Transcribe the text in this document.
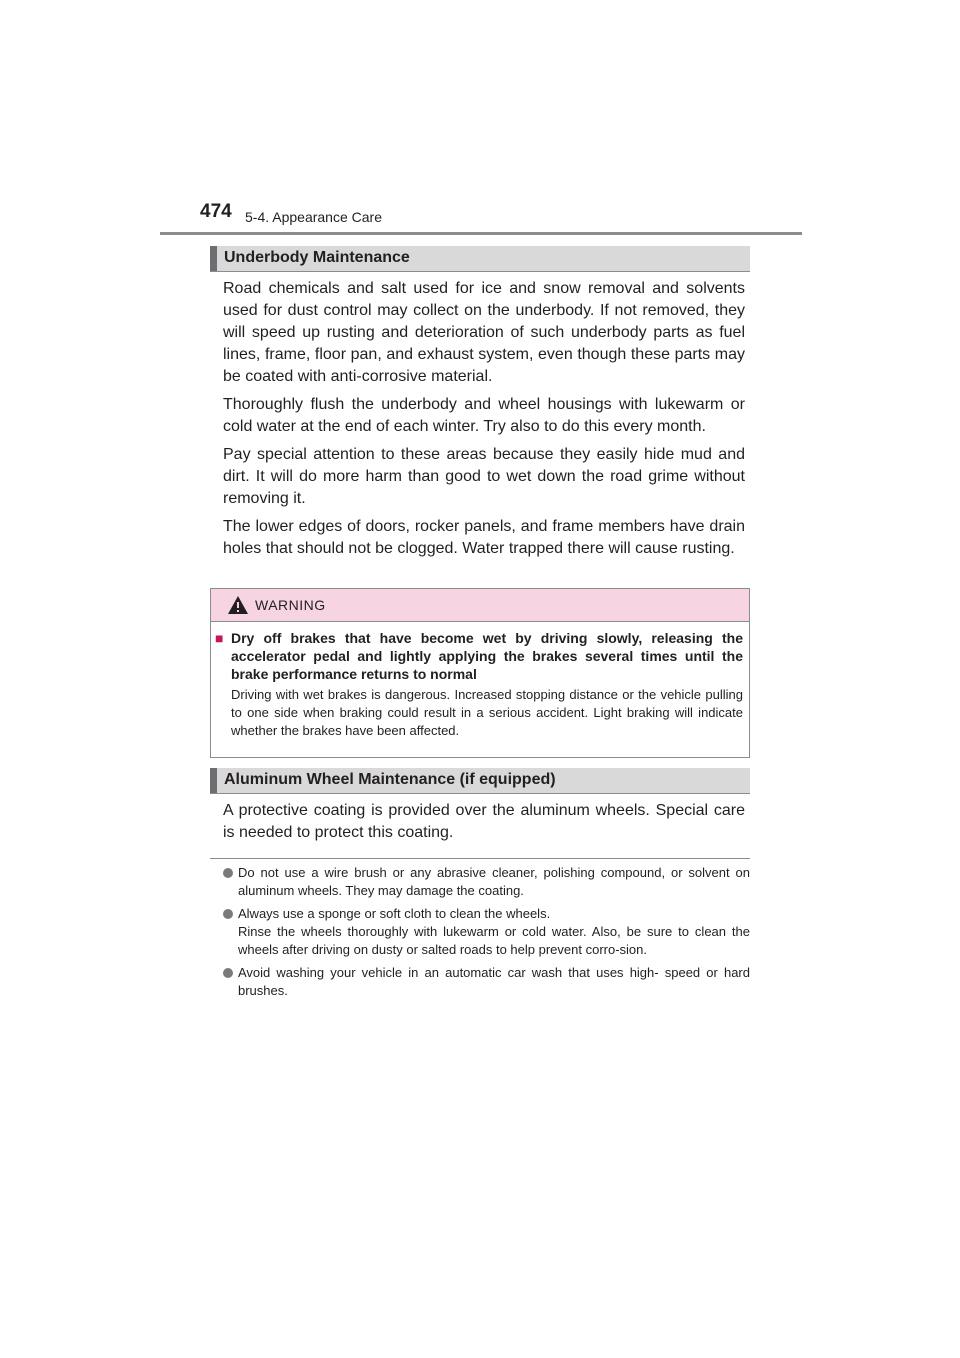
474 5-4. Appearance Care
Underbody Maintenance

Road chemicals and salt used for ice and snow removal and solvents used for dust control may collect on the underbody. If not removed, they will speed up rusting and deterioration of such underbody parts as fuel lines, frame, floor pan, and exhaust system, even though these parts may be coated with anti-corrosive material.

Thoroughly flush the underbody and wheel housings with lukewarm or cold water at the end of each winter. Try also to do this every month.

Pay special attention to these areas because they easily hide mud and dirt. It will do more harm than good to wet down the road grime without removing it.

The lower edges of doors, rocker panels, and frame members have drain holes that should not be clogged. Water trapped there will cause rusting.

WARNING
■ Dry off brakes that have become wet by driving slowly, releasing the accelerator pedal and lightly applying the brakes several times until the brake performance returns to normal
Driving with wet brakes is dangerous. Increased stopping distance or the vehicle pulling to one side when braking could result in a serious accident. Light braking will indicate whether the brakes have been affected.
Aluminum Wheel Maintenance (if equipped)

A protective coating is provided over the aluminum wheels. Special care is needed to protect this coating.

Do not use a wire brush or any abrasive cleaner, polishing compound, or solvent on aluminum wheels. They may damage the coating.

Always use a sponge or soft cloth to clean the wheels.

Rinse the wheels thoroughly with lukewarm or cold water. Also, be sure to clean the wheels after driving on dusty or salted roads to help prevent corro-sion.

Avoid washing your vehicle in an automatic car wash that uses high- speed or hard brushes.
